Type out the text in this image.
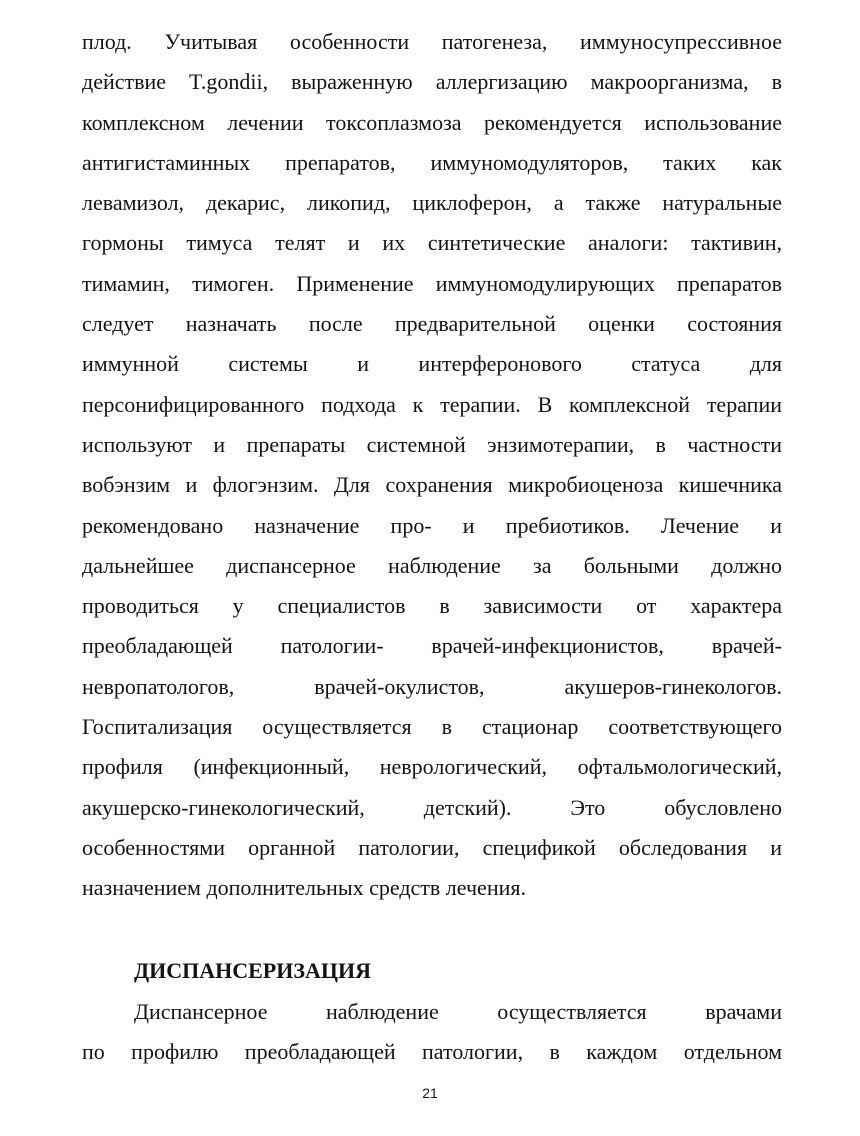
плод. Учитывая особенности патогенеза, иммуносупрессивное
действие T.gondii, выраженную аллергизацию макроорганизма, в
комплексном лечении токсоплазмоза рекомендуется использование
антигистаминных препаратов, иммуномодуляторов, таких как
левамизол, декарис, ликопид, циклоферон, а также натуральные
гормоны тимуса телят и их синтетические аналоги: тактивин,
тимамин, тимоген. Применение иммуномодулирующих препаратов
следует назначать после предварительной оценки состояния
иммунной системы и интерферонового статуса для
персонифицированного подхода к терапии. В комплексной терапии
используют и препараты системной энзимотерапии, в частности
вобэнзим и флогэнзим. Для сохранения микробиоценоза кишечника
рекомендовано назначение про- и пребиотиков. Лечение и
дальнейшее диспансерное наблюдение за больными должно
проводиться у специалистов в зависимости от характера
преобладающей патологии- врачей-инфекционистов, врачей-
невропатологов, врачей-окулистов, акушеров-гинекологов.
Госпитализация осуществляется в стационар соответствующего
профиля (инфекционный, неврологический, офтальмологический,
акушерско-гинекологический, детский). Это обусловлено
особенностями органной патологии, спецификой обследования и
назначением дополнительных средств лечения.
ДИСПАНСЕРИЗАЦИЯ
Диспансерное наблюдение осуществляется врачами
по профилю преобладающей патологии, в каждом отдельном
21
